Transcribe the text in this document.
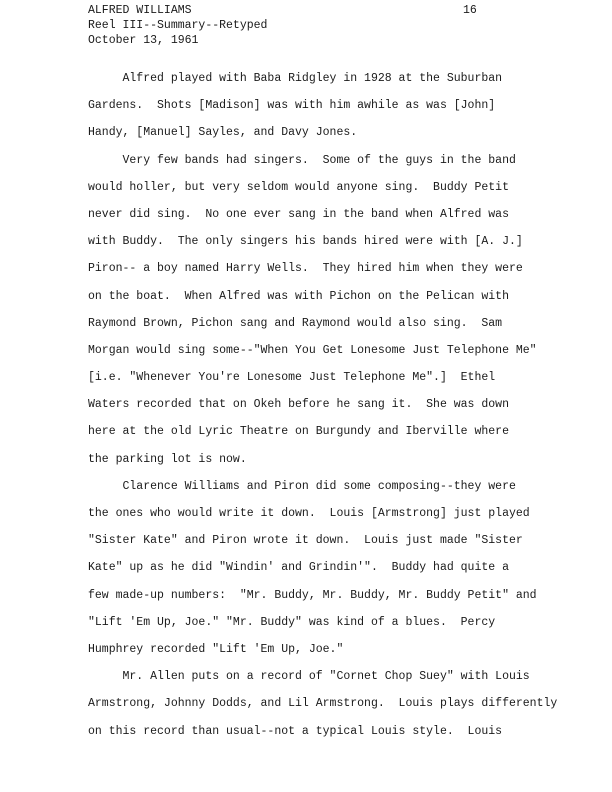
ALFRED WILLIAMS
Reel III--Summary--Retyped
October 13, 1961
16
Alfred played with Baba Ridgley in 1928 at the Suburban
Gardens.  Shots [Madison] was with him awhile as was [John]
Handy, [Manuel] Sayles, and Davy Jones.
Very few bands had singers.  Some of the guys in the band
would holler, but very seldom would anyone sing.  Buddy Petit
never did sing.  No one ever sang in the band when Alfred was
with Buddy.  The only singers his bands hired were with [A. J.]
Piron-- a boy named Harry Wells.  They hired him when they were
on the boat.  When Alfred was with Pichon on the Pelican with
Raymond Brown, Pichon sang and Raymond would also sing.  Sam
Morgan would sing some--"When You Get Lonesome Just Telephone Me"
[i.e. "Whenever You're Lonesome Just Telephone Me".]  Ethel
Waters recorded that on Okeh before he sang it.  She was down
here at the old Lyric Theatre on Burgundy and Iberville where
the parking lot is now.
Clarence Williams and Piron did some composing--they were
the ones who would write it down.  Louis [Armstrong] just played
"Sister Kate" and Piron wrote it down.  Louis just made "Sister
Kate" up as he did "Windin' and Grindin'".  Buddy had quite a
few made-up numbers:  "Mr. Buddy, Mr. Buddy, Mr. Buddy Petit" and
"Lift 'Em Up, Joe." "Mr. Buddy" was kind of a blues.  Percy
Humphrey recorded "Lift 'Em Up, Joe."
Mr. Allen puts on a record of "Cornet Chop Suey" with Louis
Armstrong, Johnny Dodds, and Lil Armstrong.  Louis plays differently
on this record than usual--not a typical Louis style.  Louis
